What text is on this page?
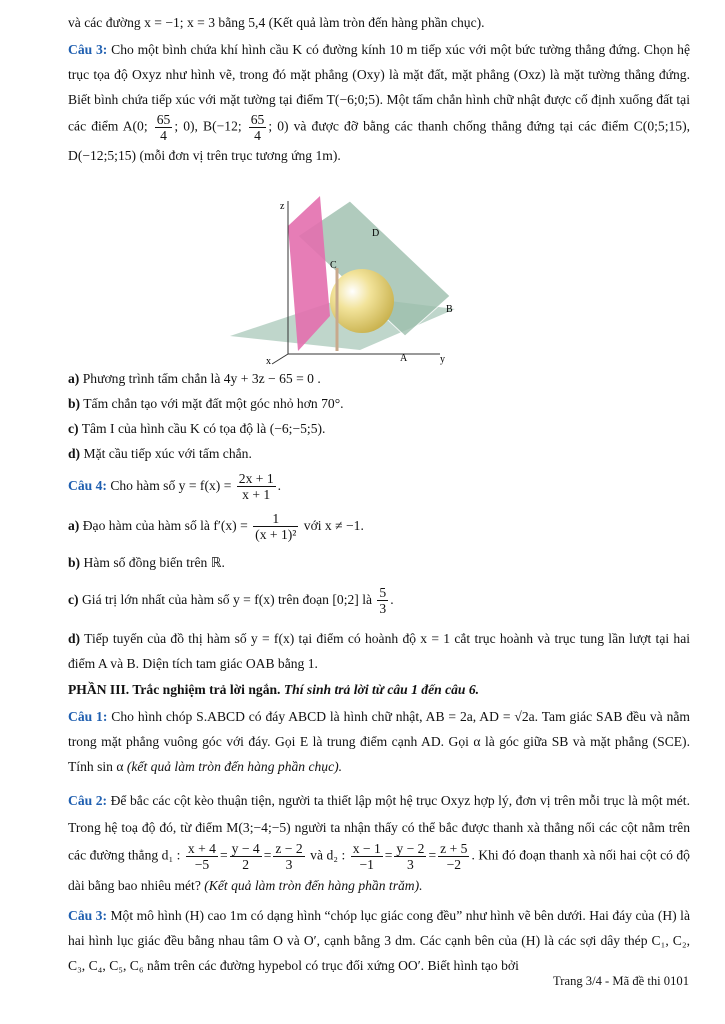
và các đường x = −1; x = 3 bằng 5,4 (Kết quả làm tròn đến hàng phần chục).

Câu 3: Cho một bình chứa khí hình cầu K có đường kính 10 m tiếp xúc với một bức tường thẳng đứng. Chọn hệ trục tọa độ Oxyz như hình vẽ, trong đó mặt phẳng (Oxy) là mặt đất, mặt phẳng (Oxz) là mặt tường thẳng đứng. Biết bình chứa tiếp xúc với mặt tường tại điểm T(−6;0;5). Một tấm chắn hình chữ nhật được cố định xuống đất tại các điểm A(0; $\frac{65}{4}$ ; 0), B(−12; $\frac{65}{4}$ ; 0) và được đỡ bằng các thanh chống thẳng đứng tại các điểm C(0;5;15), D(−12;5;15) (mỗi đơn vị trên trục tương ứng 1m).

a) Phương trình tấm chắn là 4y + 3z − 65 = 0 .

b) Tấm chắn tạo với mặt đất một góc nhỏ hơn 70°.

c) Tâm I của hình cầu K có tọa độ là (−6;−5;5).

d) Mặt cầu tiếp xúc với tấm chắn.

Câu 4: Cho hàm số $y = f(x) = \frac{2x + 1}{x + 1}$ .

a) Đạo hàm của hàm số là $f'(x) = \frac{1}{\text{(x + 1)²}}$ với x ≠ −1.

b) Hàm số đồng biến trên ℝ.

c) Giá trị lớn nhất của hàm số y = f(x) trên đoạn [0;2] là $\frac{5}{3}$ .

d) Tiếp tuyến của đồ thị hàm số y = f(x) tại điểm có hoành độ x = 1 cắt trục hoành và trục tung lần lượt tại hai điểm A và B. Diện tích tam giác OAB bằng 1.

PHẦN III. Trắc nghiệm trả lời ngắn. Thí sinh trả lời từ câu 1 đến câu 6.

Câu 1: Cho hình chóp S.ABCD có đáy ABCD là hình chữ nhật, AB = 2a, AD = √2a. Tam giác SAB đều và nằm trong mặt phẳng vuông góc với đáy. Gọi E là trung điểm cạnh AD. Gọi α là góc giữa SB và mặt phẳng (SCE). Tính sin α (kết quả làm tròn đến hàng phần chục).

Câu 2: Để bắc các cột kèo thuận tiện, người ta thiết lập một hệ trục Oxyz hợp lý, đơn vị trên mỗi trục là một mét. Trong hệ toạ độ đó, từ điểm M(3;−4;−5) người ta nhận thấy có thể bắc được thanh xà thẳng nối các cột nằm trên các đường thẳng d₁ : $\frac{x + 4}{-5} = \frac{y - 4}{2} = \frac{z - 2}{3}$ và d₂ : $\frac{x - 1}{-1} = \frac{y - 2}{3} = \frac{z + 5}{-2}$ . Khi đó đoạn thanh xà nối hai cột có độ dài bằng bao nhiêu mét? (Kết quả làm tròn đến hàng phần trăm).

Câu 3: Một mô hình (H) cao 1m có dạng hình “chóp lục giác cong đều” như hình vẽ bên dưới. Hai đáy của (H) là hai hình lục giác đều bằng nhau tâm O và O′, cạnh bằng 3 dm. Các cạnh bên của (H) là các sợi dây thép C₁, C₂, C₃, C₄, C₅, C₆ nằm trên các đường hypebol có trục đối xứng OO′. Biết hình tạo bởi

z
x	y
A
B
C
D
Trang 3/4 - Mã đề thi 0101
